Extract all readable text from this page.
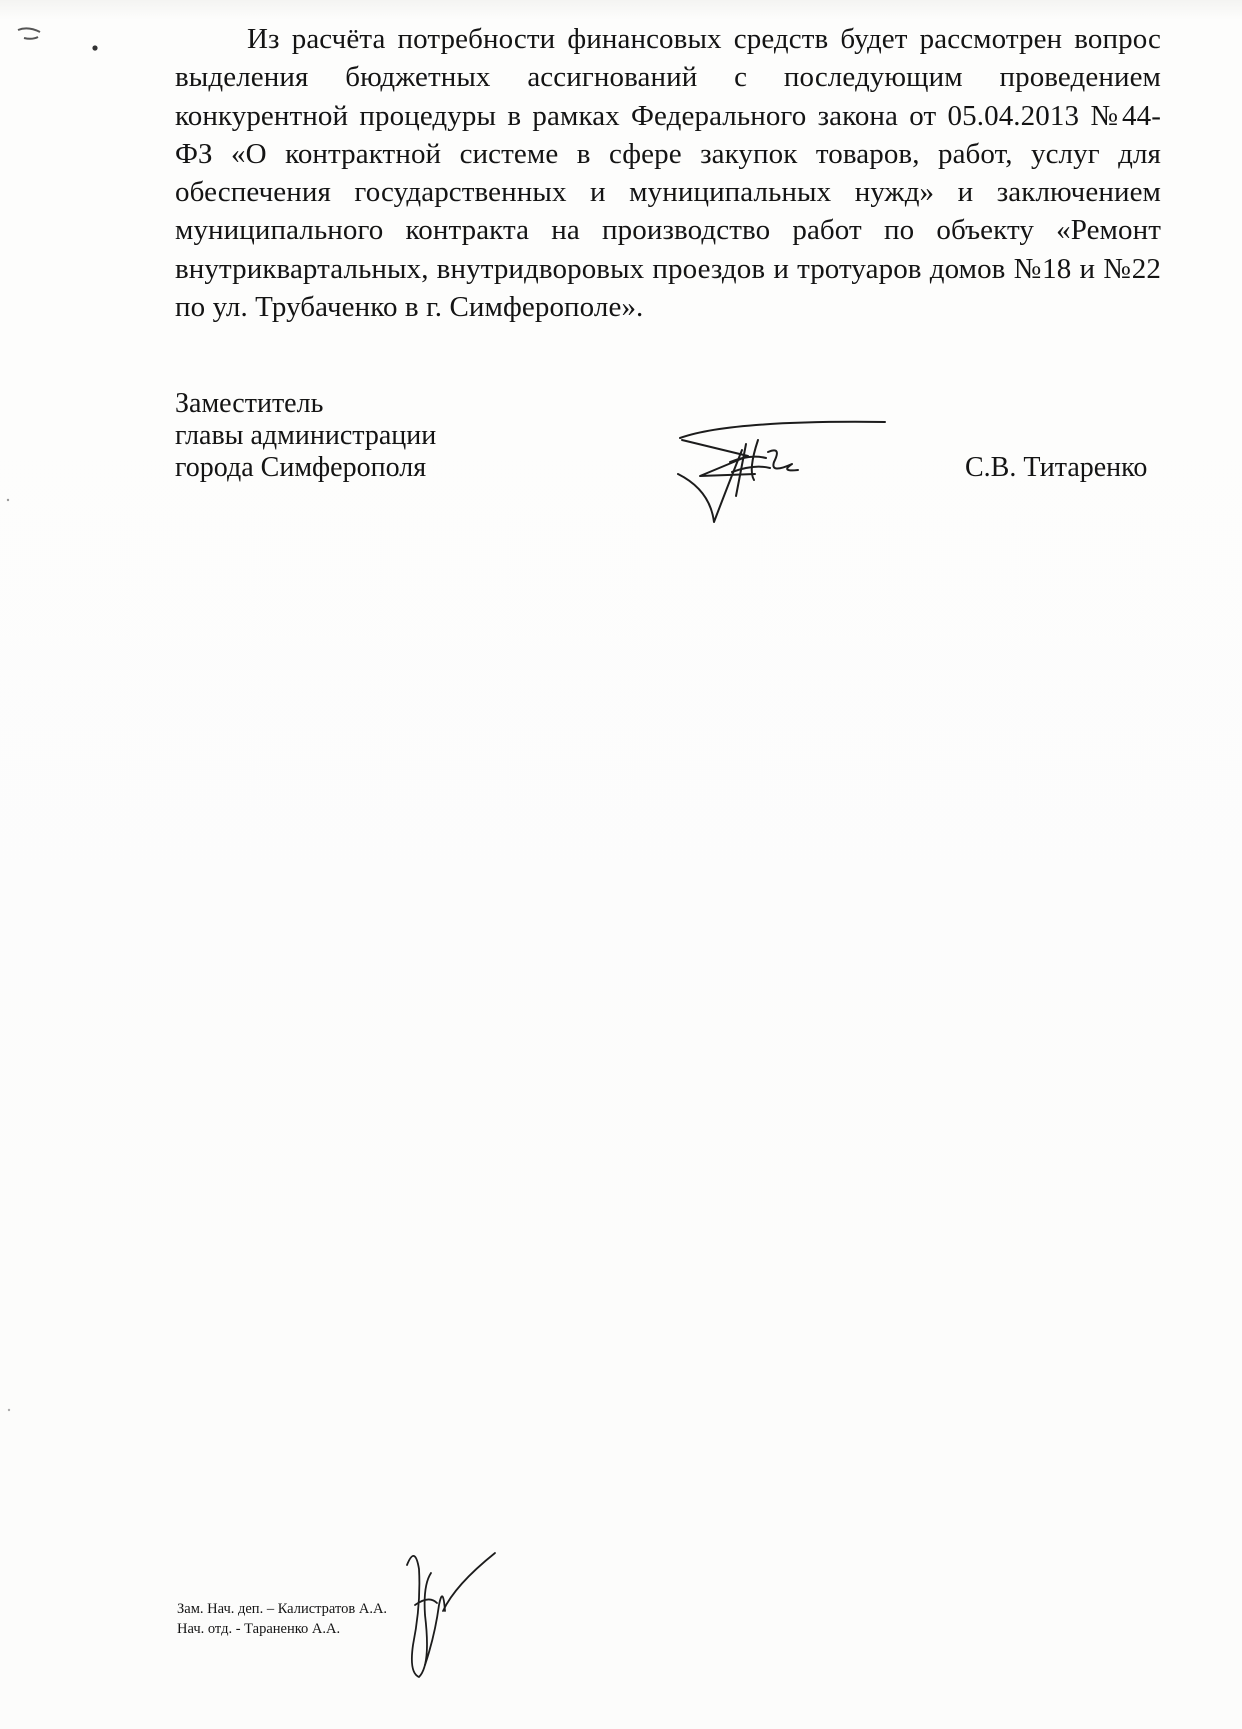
Из расчёта потребности финансовых средств будет рассмотрен вопрос выделения бюджетных ассигнований с последующим проведением конкурентной процедуры в рамках Федерального закона от 05.04.2013 №44-ФЗ «О контрактной системе в сфере закупок товаров, работ, услуг для обеспечения государственных и муниципальных нужд» и заключением муниципального контракта на производство работ по объекту «Ремонт внутриквартальных, внутридворовых проездов и тротуаров домов №18 и №22 по ул. Трубаченко в г. Симферополе».

Заместитель
главы администрации
города Симферополя	С.В. Титаренко
Зам. Нач. деп. – Калистратов А.А.
Нач. отд. - Тараненко А.А.
